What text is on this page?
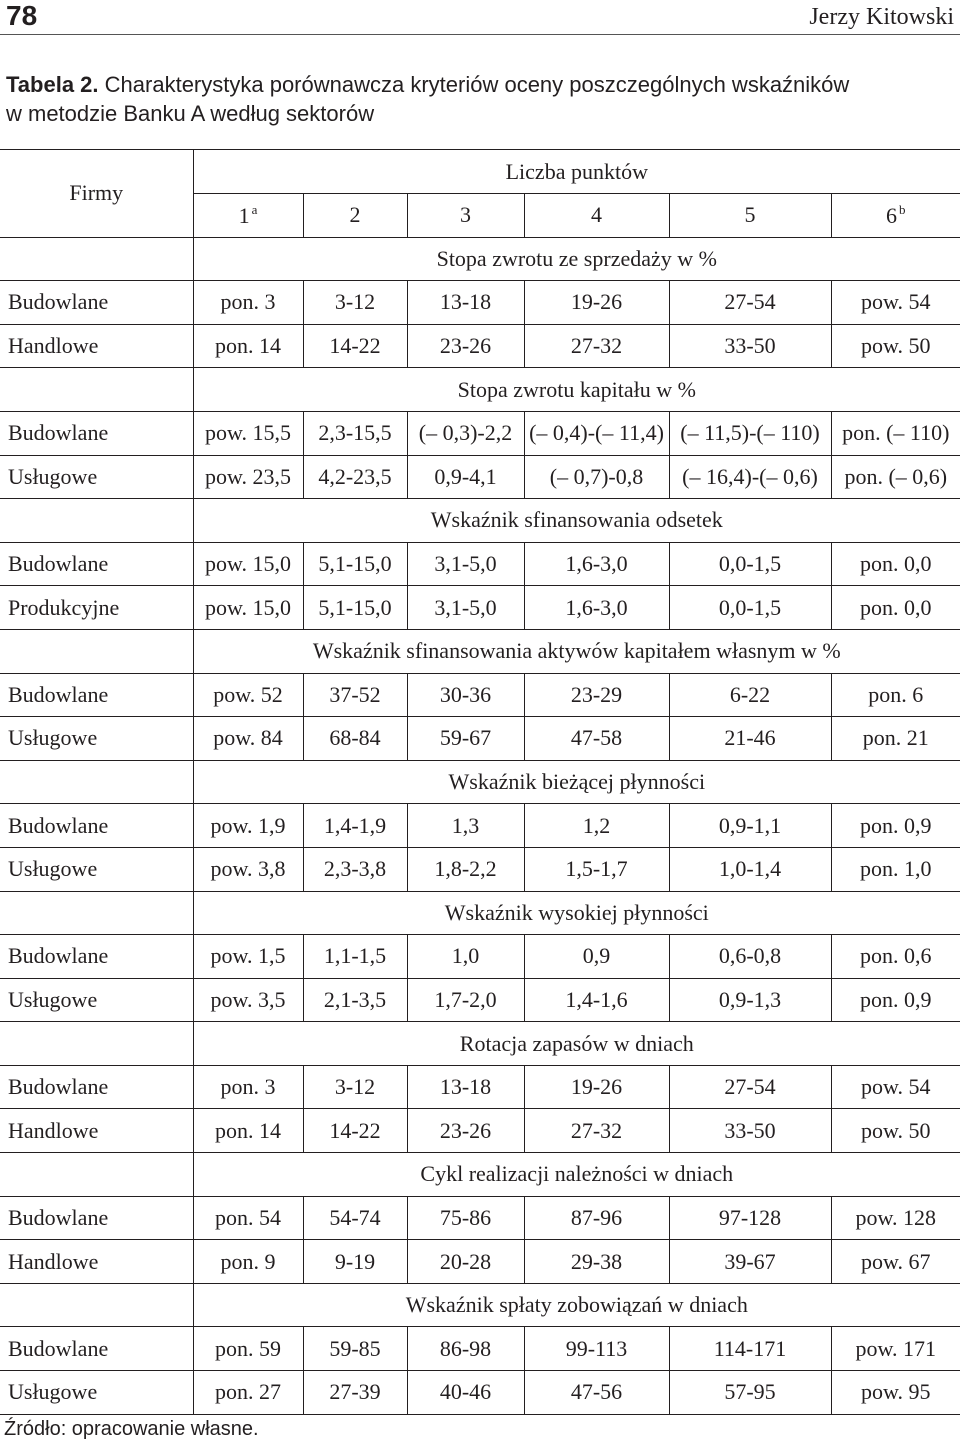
78	Jerzy Kitowski
Tabela 2. Charakterystyka porównawcza kryteriów oceny poszczególnych wskaźników
w metodzie Banku A według sektorów
Firmy	Liczba punktów					
	1 $^a$	2	3	4	5	6 $^b$
	Stopa zwrotu ze sprzedaży w %					
Budowlane	pon. 3	3-12	13-18	19-26	27-54	pow. 54
Handlowe	pon. 14	14-22	23-26	27-32	33-50	pow. 50
	Stopa zwrotu kapitału w %					
Budowlane	pow. 15,5	2,3-15,5	(– 0,3)-2,2	(– 0,4)-(– 11,4)	(– 11,5)-(– 110)	pon. (– 110)
Usługowe	pow. 23,5	4,2-23,5	0,9-4,1	(– 0,7)-0,8	(– 16,4)-(– 0,6)	pon. (– 0,6)
	Wskaźnik sfinansowania odsetek					
Budowlane	pow. 15,0	5,1-15,0	3,1-5,0	1,6-3,0	0,0-1,5	pon. 0,0
Produkcyjne	pow. 15,0	5,1-15,0	3,1-5,0	1,6-3,0	0,0-1,5	pon. 0,0
	Wskaźnik sfinansowania aktywów kapitałem własnym w %					
Budowlane	pow. 52	37-52	30-36	23-29	6-22	pon. 6
Usługowe	pow. 84	68-84	59-67	47-58	21-46	pon. 21
	Wskaźnik bieżącej płynności					
Budowlane	pow. 1,9	1,4-1,9	1,3	1,2	0,9-1,1	pon. 0,9
Usługowe	pow. 3,8	2,3-3,8	1,8-2,2	1,5-1,7	1,0-1,4	pon. 1,0
	Wskaźnik wysokiej płynności					
Budowlane	pow. 1,5	1,1-1,5	1,0	0,9	0,6-0,8	pon. 0,6
Usługowe	pow. 3,5	2,1-3,5	1,7-2,0	1,4-1,6	0,9-1,3	pon. 0,9
	Rotacja zapasów w dniach					
Budowlane	pon. 3	3-12	13-18	19-26	27-54	pow. 54
Handlowe	pon. 14	14-22	23-26	27-32	33-50	pow. 50
	Cykl realizacji należności w dniach					
Budowlane	pon. 54	54-74	75-86	87-96	97-128	pow. 128
Handlowe	pon. 9	9-19	20-28	29-38	39-67	pow. 67
	Wskaźnik spłaty zobowiązań w dniach					
Budowlane	pon. 59	59-85	86-98	99-113	114-171	pow. 171
Usługowe	pon. 27	27-39	40-46	47-56	57-95	pow. 95
Źródło: opracowanie własne.
